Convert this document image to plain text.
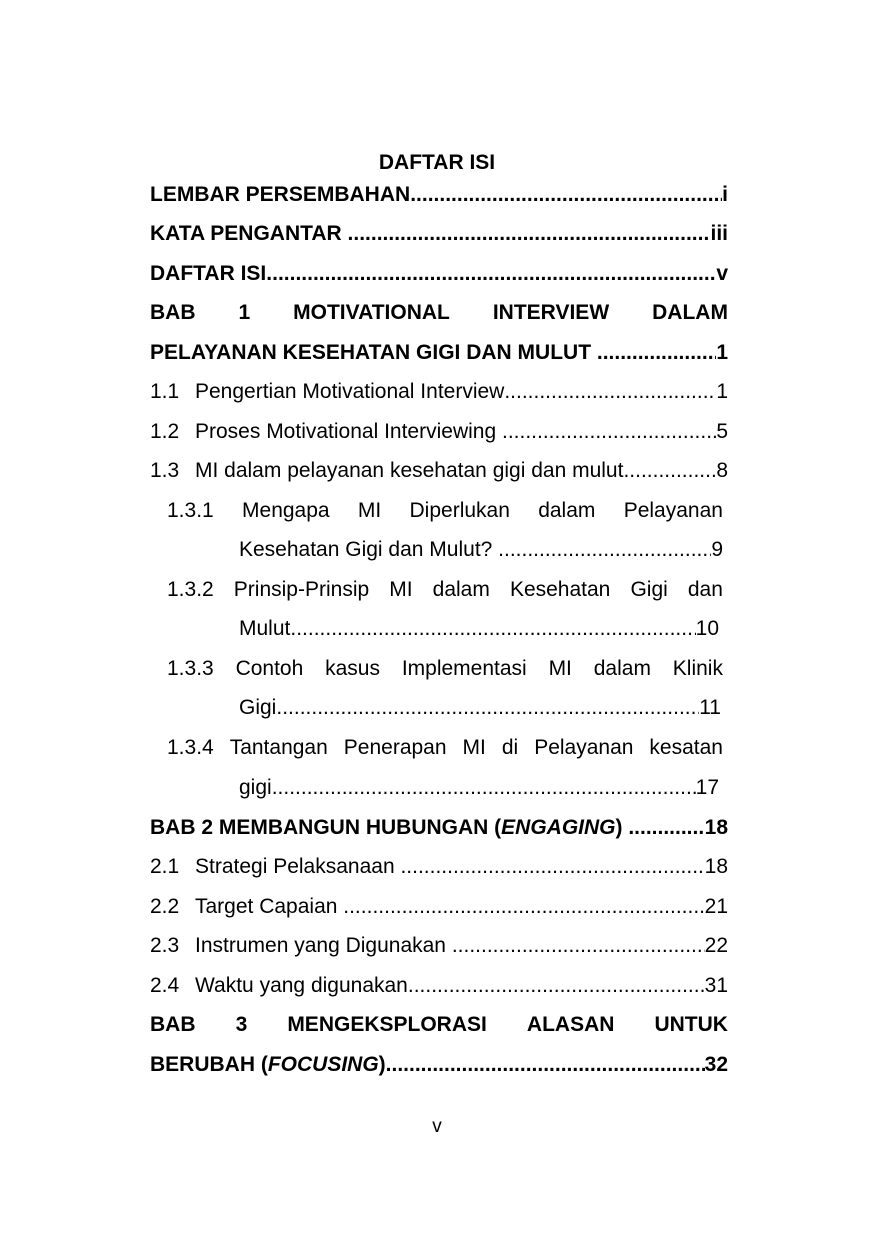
DAFTAR ISI
LEMBAR PERSEMBAHAN .....	i
KATA PENGANTAR .....	iii
DAFTAR ISI .....	v
BAB 1 MOTIVATIONAL INTERVIEW DALAM
PELAYANAN KESEHATAN GIGI DAN MULUT .....	1
1.1 Pengertian Motivational Interview .....	1
1.2 Proses Motivational Interviewing .....	5
1.3 MI dalam pelayanan kesehatan gigi dan mulut .....	8
1.3.1 Mengapa MI Diperlukan dalam Pelayanan
Kesehatan Gigi dan Mulut? .....	9
1.3.2 Prinsip-Prinsip MI dalam Kesehatan Gigi dan
Mulut .....	10
1.3.3 Contoh kasus Implementasi MI dalam Klinik
Gigi .....	11
1.3.4 Tantangan Penerapan MI di Pelayanan kesatan
gigi .....	17
BAB 2 MEMBANGUN HUBUNGAN (ENGAGING) .....	18
2.1 Strategi Pelaksanaan .....	18
2.2 Target Capaian .....	21
2.3 Instrumen yang Digunakan .....	22
2.4 Waktu yang digunakan .....	31
BAB 3 MENGEKSPLORASI ALASAN UNTUK
BERUBAH (FOCUSING) .....	32
v
